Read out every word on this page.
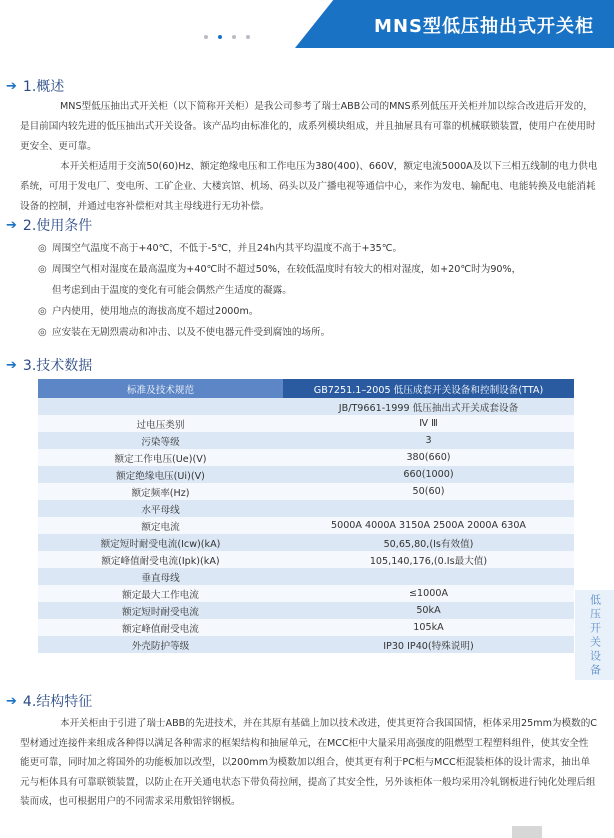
MNS型低压抽出式开关柜
➔ 1.概述
MNS型低压抽出式开关柜（以下简称开关柜）是我公司参考了瑞士ABB公司的MNS系列低压开关柜并加以综合改进后开发的，是目前国内较先进的低压抽出式开关设备。该产品均由标准化的，成系列模块组成，并且抽屉具有可靠的机械联锁装置，使用户在使用时更安全、更可靠。
本开关柜适用于交流50(60)Hz、额定绝缘电压和工作电压为380(400)、660V，额定电流5000A及以下三相五线制的电力供电系统，可用于发电厂、变电所、工矿企业、大楼宾馆、机场、码头以及广播电视等通信中心，来作为发电、输配电、电能转换及电能消耗设备的控制，并通过电容补偿柜对其主母线进行无功补偿。
➔ 2.使用条件
◎ 周围空气温度不高于+40℃，不低于-5℃，并且24h内其平均温度不高于+35℃。
◎ 周围空气相对湿度在最高温度为+40℃时不超过50%，在较低温度时有较大的相对湿度，如+20℃时为90%，
但考虑到由于温度的变化有可能会偶然产生适度的凝露。
◎ 户内使用，使用地点的海拔高度不超过2000m。
◎ 应安装在无剧烈震动和冲击、以及不使电器元件受到腐蚀的场所。
➔ 3.技术数据
标准及技术规范	GB7251.1–2005 低压成套开关设备和控制设备(TTA)
	JB/T9661-1999 低压抽出式开关成套设备
过电压类别	Ⅳ Ⅲ
污染等级	3
额定工作电压(Ue)(V)	380(660)
额定绝缘电压(Ui)(V)	660(1000)
额定频率(Hz)	50(60)
水平母线	
额定电流	5000A 4000A 3150A 2500A 2000A 630A
额定短时耐受电流(Icw)(kA)	50,65,80,(Is有效值)
额定峰值耐受电流(Ipk)(kA)	105,140,176,(0.Is最大值)
垂直母线	
额定最大工作电流	≤1000A
额定短时耐受电流	50kA
额定峰值耐受电流	105kA
外壳防护等级	IP30 IP40(特殊说明)	低压开关设备
➔ 4.结构特征
本开关柜由于引进了瑞士ABB的先进技术，并在其原有基础上加以技术改进，使其更符合我国国情，柜体采用25mm为模数的C型材通过连接件来组成各种得以满足各种需求的框架结构和抽屉单元，在MCC柜中大量采用高强度的阻燃型工程塑料组件，使其安全性能更可靠，同时加之将国外的功能板加以改型，以200mm为模数加以组合，使其更有利于PC柜与MCC柜混装柜体的设计需求，抽出单元与柜体具有可靠联锁装置，以防止在开关通电状态下带负荷拉闸，提高了其安全性，另外该柜体一般均采用冷轧钢板进行钝化处理后组装而成，也可根据用户的不同需求采用敷铝锌钢板。
